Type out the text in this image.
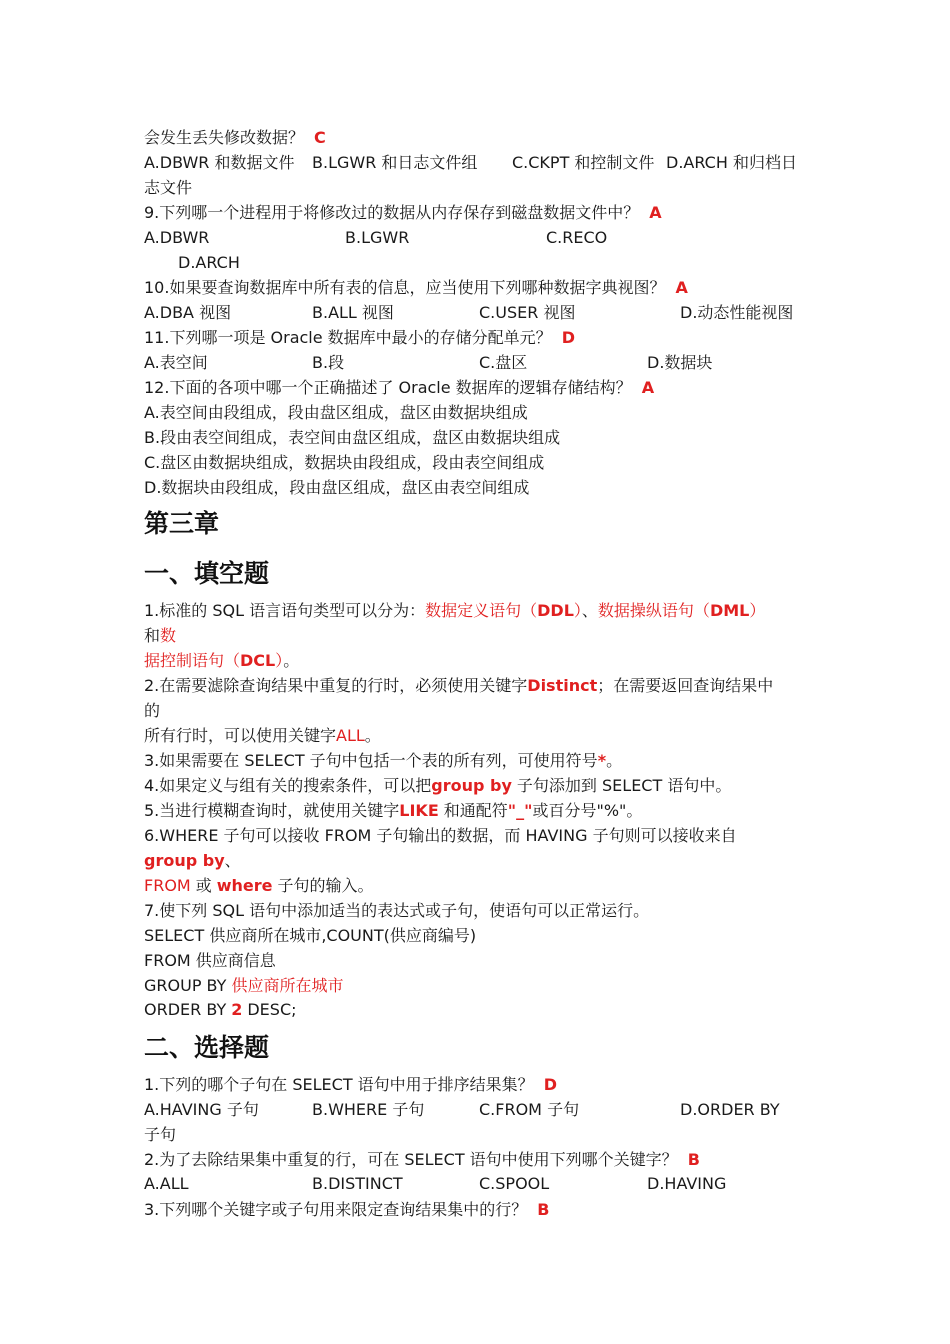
会发生丢失修改数据？ C
A.DBWR 和数据文件 B.LGWR 和日志文件组 C.CKPT 和控制文件 D.ARCH 和归档日
志文件
9.下列哪一个进程用于将修改过的数据从内存保存到磁盘数据文件中？ A
A.DBWR	B.LGWR	C.RECO
D.ARCH
10.如果要查询数据库中所有表的信息，应当使用下列哪种数据字典视图？ A
A.DBA 视图	B.ALL 视图	C.USER 视图	D.动态性能视图
11.下列哪一项是 Oracle 数据库中最小的存储分配单元？ D
A.表空间	B.段	C.盘区	D.数据块
12.下面的各项中哪一个正确描述了 Oracle 数据库的逻辑存储结构？ A
A.表空间由段组成，段由盘区组成，盘区由数据块组成
B.段由表空间组成，表空间由盘区组成，盘区由数据块组成
C.盘区由数据块组成，数据块由段组成，段由表空间组成
D.数据块由段组成，段由盘区组成，盘区由表空间组成
第三章
一、填空题
1.标准的 SQL 语言语句类型可以分为：数据定义语句（DDL）、数据操纵语句（DML）
和数
据控制语句（DCL）。
2.在需要滤除查询结果中重复的行时，必须使用关键字Distinct；在需要返回查询结果中
的
所有行时，可以使用关键字ALL。
3.如果需要在 SELECT 子句中包括一个表的所有列，可使用符号*。
4.如果定义与组有关的搜索条件，可以把group by 子句添加到 SELECT 语句中。
5.当进行模糊查询时，就使用关键字LIKE 和通配符"_"或百分号"%"。
6.WHERE 子句可以接收 FROM 子句输出的数据，而 HAVING 子句则可以接收来自
group by、
FROM 或 where 子句的输入。
7.使下列 SQL 语句中添加适当的表达式或子句，使语句可以正常运行。
SELECT 供应商所在城市,COUNT(供应商编号)
FROM 供应商信息
GROUP BY 供应商所在城市
ORDER BY 2 DESC;
二、选择题
1.下列的哪个子句在 SELECT 语句中用于排序结果集？ D
A.HAVING 子句	B.WHERE 子句	C.FROM 子句	D.ORDER BY
子句
2.为了去除结果集中重复的行，可在 SELECT 语句中使用下列哪个关键字？ B
A.ALL	B.DISTINCT	C.SPOOL	D.HAVING
3.下列哪个关键字或子句用来限定查询结果集中的行？ B
